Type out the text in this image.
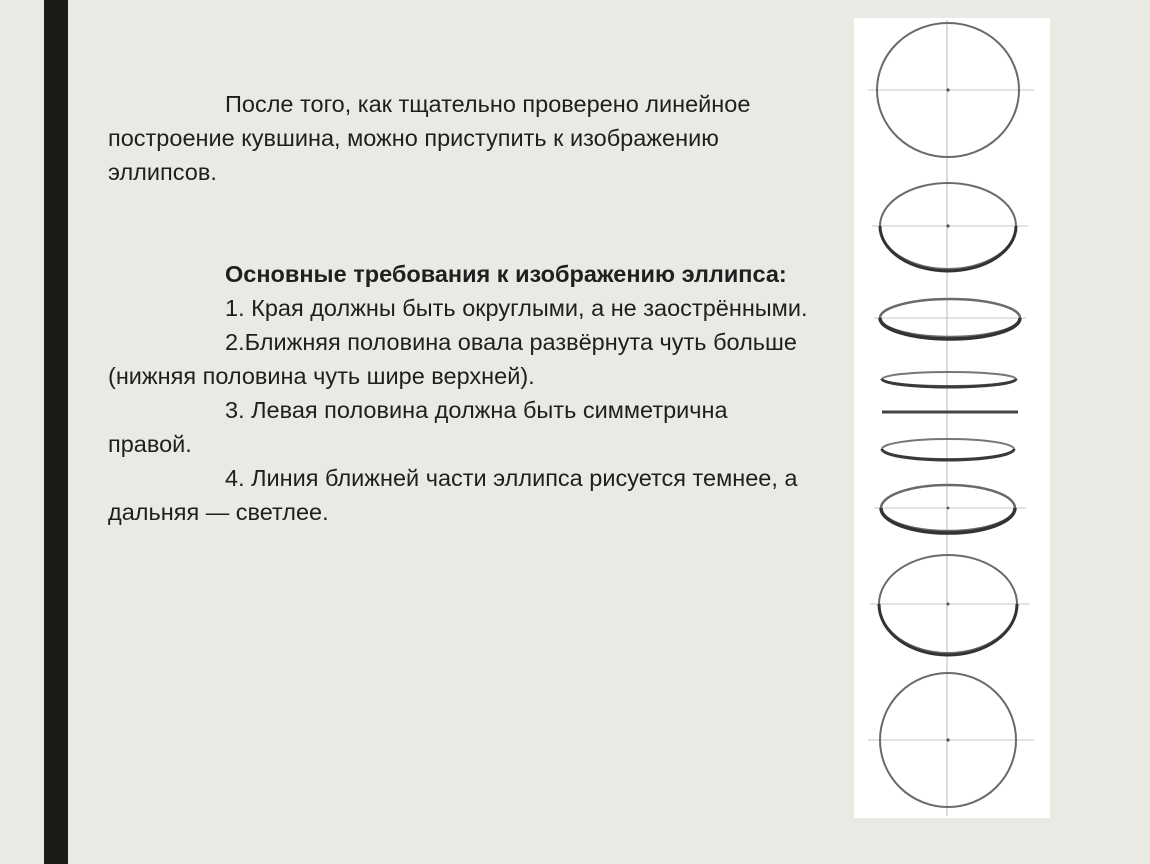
После того, как тщательно проверено линейное построение кувшина, можно приступить к изображению эллипсов.

Основные требования к изображению эллипса:

1. Края должны быть округлыми, а не заострёнными.

2.Ближняя половина овала развёрнута чуть больше (нижняя половина чуть шире верхней).

3. Левая половина должна быть симметрична правой.

4. Линия ближней части эллипса рисуется темнее, а дальняя — светлее.
